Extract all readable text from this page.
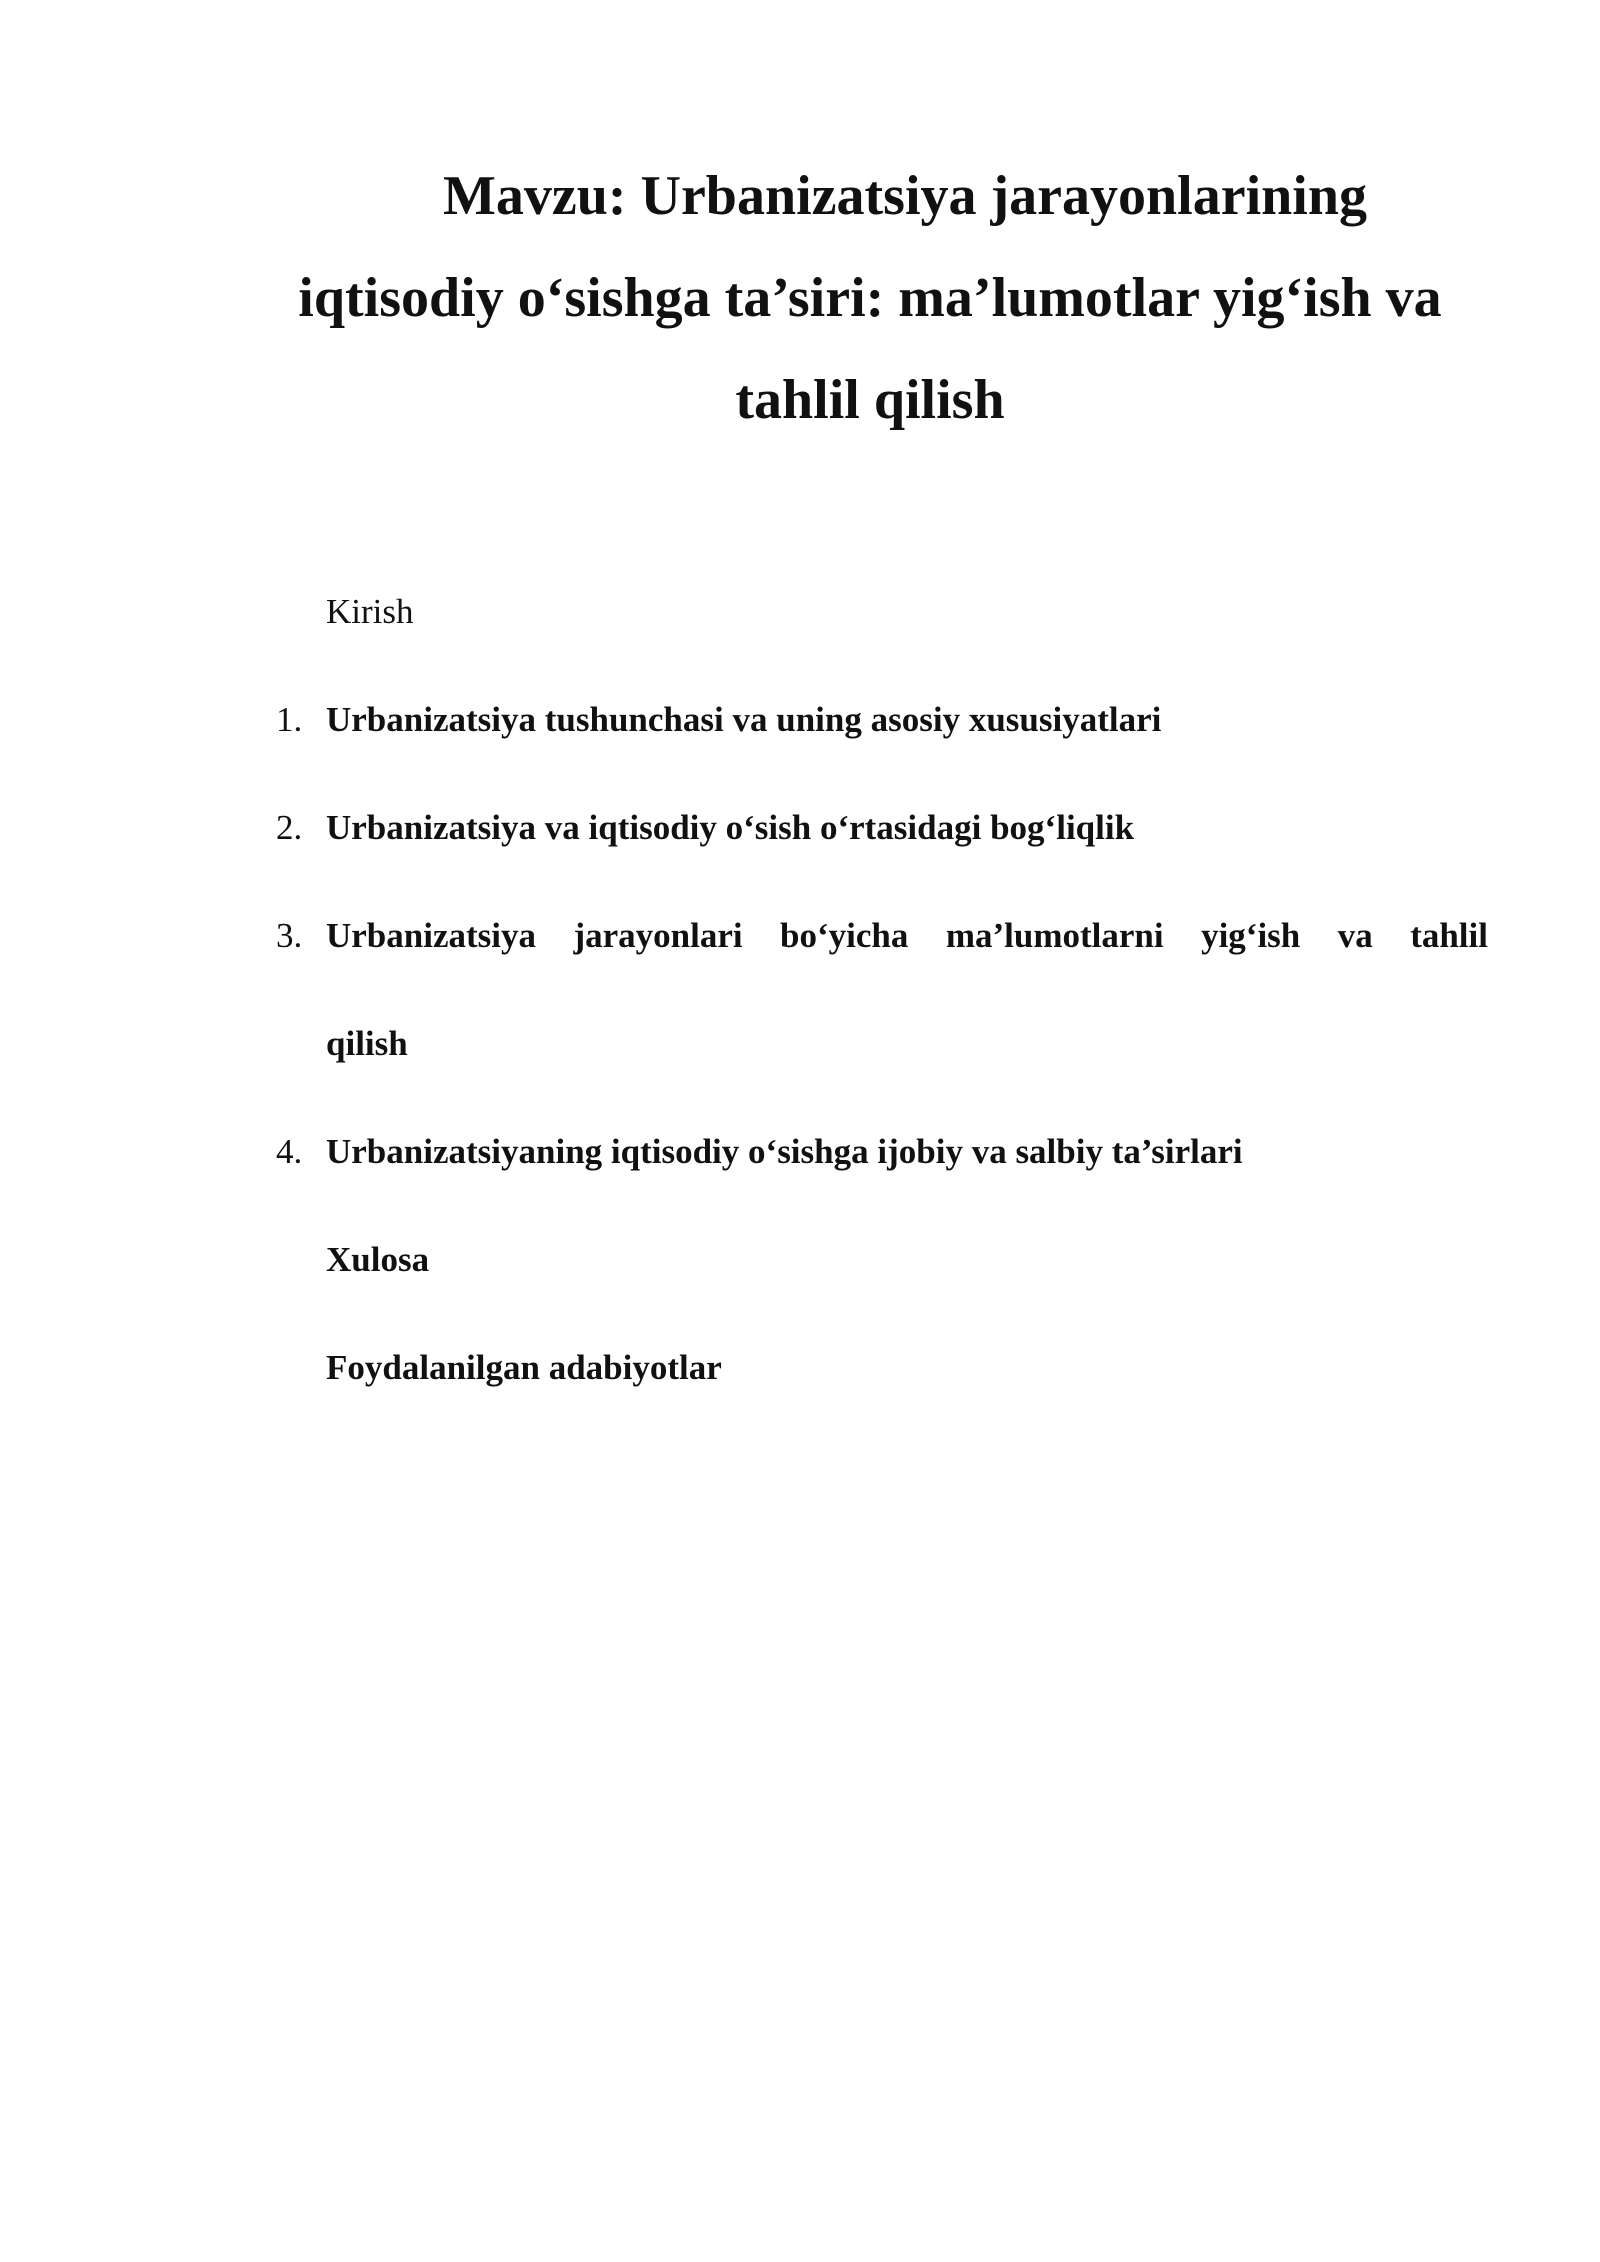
Mavzu: Urbanizatsiya jarayonlarining
iqtisodiy o‘sishga ta’siri: ma’lumotlar yig‘ish va
tahlil qilish
Kirish
1. Urbanizatsiya tushunchasi va uning asosiy xususiyatlari
2. Urbanizatsiya va iqtisodiy o‘sish o‘rtasidagi bog‘liqlik
3. Urbanizatsiya jarayonlari bo‘yicha ma’lumotlarni yig‘ish va tahlil
qilish
4. Urbanizatsiyaning iqtisodiy o‘sishga ijobiy va salbiy ta’sirlari
Xulosa
Foydalanilgan adabiyotlar
